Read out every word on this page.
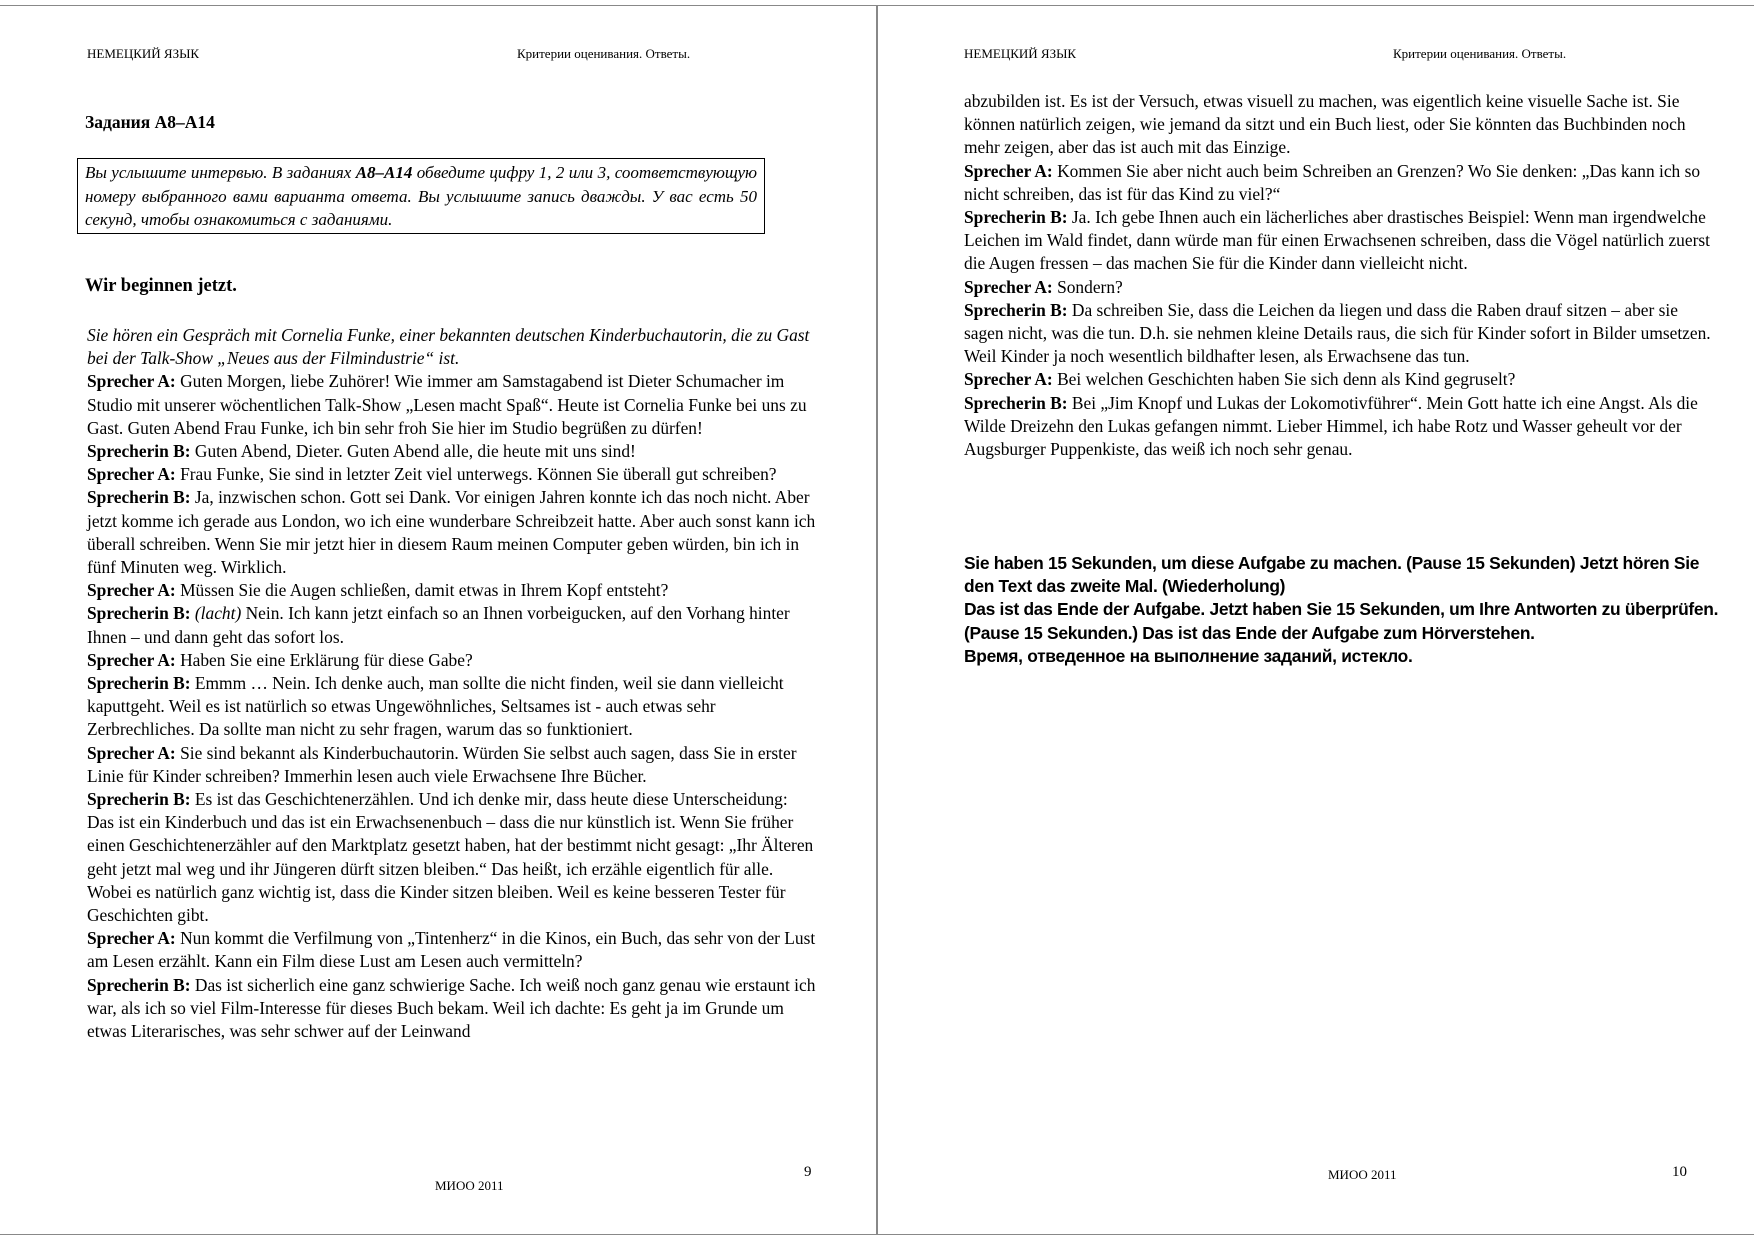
НЕМЕЦКИЙ ЯЗЫК	Критерии оценивания. Ответы.
Задания А8–А14
Вы услышите интервью. В заданиях A8–A14 обведите цифру 1, 2 или 3, соответствующую номеру выбранного вами варианта ответа. Вы услышите запись дважды. У вас есть 50 секунд, чтобы ознакомиться с заданиями.
Wir beginnen jetzt.

Sie hören ein Gespräch mit Cornelia Funke, einer bekannten deutschen Kinderbuchautorin, die zu Gast bei der Talk-Show „Neues aus der Filmindustrie“ ist.

Sprecher A: Guten Morgen, liebe Zuhörer! Wie immer am Samstagabend ist Dieter Schumacher im Studio mit unserer wöchentlichen Talk-Show „Lesen macht Spaß“. Heute ist Cornelia Funke bei uns zu Gast. Guten Abend Frau Funke, ich bin sehr froh Sie hier im Studio begrüßen zu dürfen!

Sprecherin B: Guten Abend, Dieter. Guten Abend alle, die heute mit uns sind!

Sprecher A: Frau Funke, Sie sind in letzter Zeit viel unterwegs. Können Sie überall gut schreiben?

Sprecherin B: Ja, inzwischen schon. Gott sei Dank. Vor einigen Jahren konnte ich das noch nicht. Aber jetzt komme ich gerade aus London, wo ich eine wunderbare Schreibzeit hatte. Aber auch sonst kann ich überall schreiben. Wenn Sie mir jetzt hier in diesem Raum meinen Computer geben würden, bin ich in fünf Minuten weg. Wirklich.

Sprecher A: Müssen Sie die Augen schließen, damit etwas in Ihrem Kopf entsteht?

Sprecherin B: (lacht) Nein. Ich kann jetzt einfach so an Ihnen vorbeigucken, auf den Vorhang hinter Ihnen – und dann geht das sofort los.

Sprecher A: Haben Sie eine Erklärung für diese Gabe?

Sprecherin B: Emmm … Nein. Ich denke auch, man sollte die nicht finden, weil sie dann vielleicht kaputtgeht. Weil es ist natürlich so etwas Ungewöhnliches, Seltsames ist - auch etwas sehr Zerbrechliches. Da sollte man nicht zu sehr fragen, warum das so funktioniert.

Sprecher A: Sie sind bekannt als Kinderbuchautorin. Würden Sie selbst auch sagen, dass Sie in erster Linie für Kinder schreiben? Immerhin lesen auch viele Erwachsene Ihre Bücher.

Sprecherin B: Es ist das Geschichtenerzählen. Und ich denke mir, dass heute diese Unterscheidung: Das ist ein Kinderbuch und das ist ein Erwachsenenbuch – dass die nur künstlich ist. Wenn Sie früher einen Geschichtenerzähler auf den Marktplatz gesetzt haben, hat der bestimmt nicht gesagt: „Ihr Älteren geht jetzt mal weg und ihr Jüngeren dürft sitzen bleiben.“ Das heißt, ich erzähle eigentlich für alle. Wobei es natürlich ganz wichtig ist, dass die Kinder sitzen bleiben. Weil es keine besseren Tester für Geschichten gibt.

Sprecher A: Nun kommt die Verfilmung von „Tintenherz“ in die Kinos, ein Buch, das sehr von der Lust am Lesen erzählt. Kann ein Film diese Lust am Lesen auch vermitteln?

Sprecherin B: Das ist sicherlich eine ganz schwierige Sache. Ich weiß noch ganz genau wie erstaunt ich war, als ich so viel Film-Interesse für dieses Buch bekam. Weil ich dachte: Es geht ja im Grunde um etwas Literarisches, was sehr schwer auf der Leinwand

МИОО 2011
9
НЕМЕЦКИЙ ЯЗЫК	Критерии оценивания. Ответы.

abzubilden ist. Es ist der Versuch, etwas visuell zu machen, was eigentlich keine visuelle Sache ist. Sie können natürlich zeigen, wie jemand da sitzt und ein Buch liest, oder Sie könnten das Buchbinden noch mehr zeigen, aber das ist auch mit das Einzige.

Sprecher A: Kommen Sie aber nicht auch beim Schreiben an Grenzen? Wo Sie denken: „Das kann ich so nicht schreiben, das ist für das Kind zu viel?“

Sprecherin B: Ja. Ich gebe Ihnen auch ein lächerliches aber drastisches Beispiel: Wenn man irgendwelche Leichen im Wald findet, dann würde man für einen Erwachsenen schreiben, dass die Vögel natürlich zuerst die Augen fressen – das machen Sie für die Kinder dann vielleicht nicht.

Sprecher A: Sondern?

Sprecherin B: Da schreiben Sie, dass die Leichen da liegen und dass die Raben drauf sitzen – aber sie sagen nicht, was die tun. D.h. sie nehmen kleine Details raus, die sich für Kinder sofort in Bilder umsetzen. Weil Kinder ja noch wesentlich bildhafter lesen, als Erwachsene das tun.

Sprecher A: Bei welchen Geschichten haben Sie sich denn als Kind gegruselt?

Sprecherin B: Bei „Jim Knopf und Lukas der Lokomotivführer“. Mein Gott hatte ich eine Angst. Als die Wilde Dreizehn den Lukas gefangen nimmt. Lieber Himmel, ich habe Rotz und Wasser geheult vor der Augsburger Puppenkiste, das weiß ich noch sehr genau.

Sie haben 15 Sekunden, um diese Aufgabe zu machen. (Pause 15 Sekunden) Jetzt hören Sie den Text das zweite Mal. (Wiederholung)

Das ist das Ende der Aufgabe. Jetzt haben Sie 15 Sekunden, um Ihre Antworten zu überprüfen. (Pause 15 Sekunden.) Das ist das Ende der Aufgabe zum Hörverstehen.

Время, отведенное на выполнение заданий, истекло.

МИОО 2011	10
